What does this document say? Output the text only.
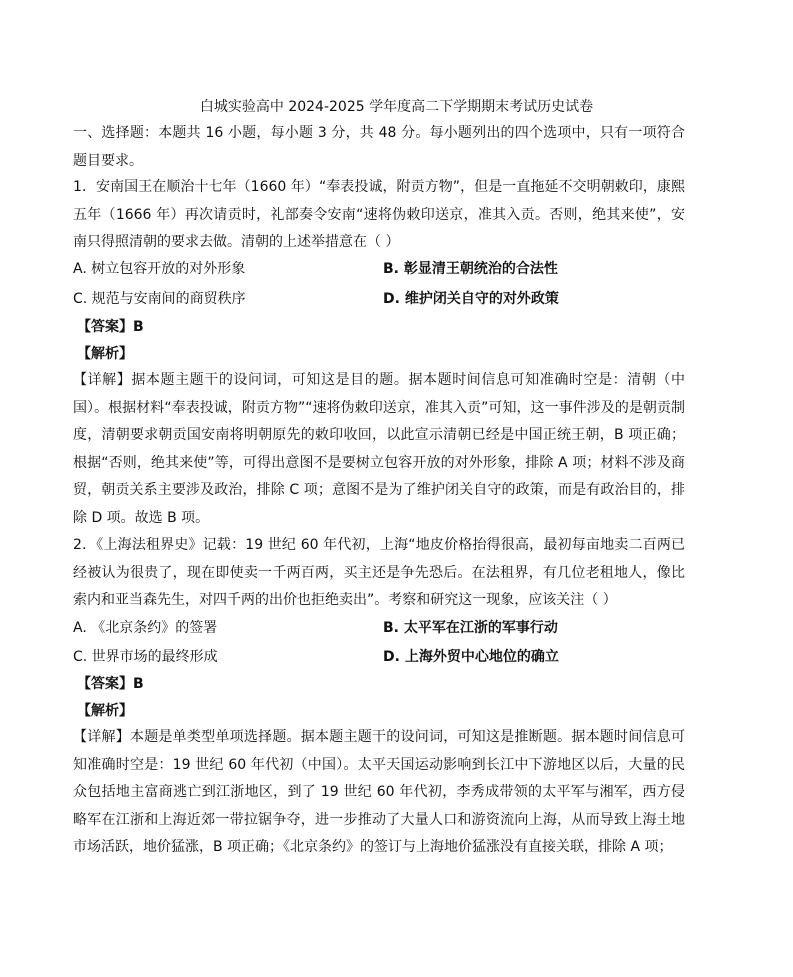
白城实验高中 2024-2025 学年度高二下学期期末考试历史试卷

一、选择题：本题共 16 小题，每小题 3 分，共 48 分。每小题列出的四个选项中，只有一项符合题目要求。

1．安南国王在顺治十七年（1660 年）“奉表投诚，附贡方物”，但是一直拖延不交明朝敕印，康熙五年（1666 年）再次请贡时，礼部奏令安南“速将伪敕印送京，准其入贡。否则，绝其来使”，安南只得照清朝的要求去做。清朝的上述举措意在（ ）

A. 树立包容开放的对外形象	B. 彰显清王朝统治的合法性
C. 规范与安南间的商贸秩序	D. 维护闭关自守的对外政策
【答案】B
【解析】

【详解】据本题主题干的设问词，可知这是目的题。据本题时间信息可知准确时空是：清朝（中国）。根据材料“奉表投诚，附贡方物”“速将伪敕印送京，准其入贡”可知，这一事件涉及的是朝贡制度，清朝要求朝贡国安南将明朝原先的敕印收回，以此宣示清朝已经是中国正统王朝，B 项正确；根据“否则，绝其来使”等，可得出意图不是要树立包容开放的对外形象，排除 A 项；材料不涉及商贸，朝贡关系主要涉及政治，排除 C 项；意图不是为了维护闭关自守的政策，而是有政治目的，排除 D 项。故选 B 项。

2．《上海法租界史》记载：19 世纪 60 年代初，上海“地皮价格抬得很高，最初每亩地卖二百两已经被认为很贵了，现在即使卖一千两百两，买主还是争先恐后。在法租界，有几位老租地人，像比索内和亚当森先生，对四千两的出价也拒绝卖出”。考察和研究这一现象，应该关注（ ）

A. 《北京条约》的签署	B. 太平军在江浙的军事行动
C. 世界市场的最终形成	D. 上海外贸中心地位的确立
【答案】B
【解析】

【详解】本题是单类型单项选择题。据本题主题干的设问词，可知这是推断题。据本题时间信息可知准确时空是：19 世纪 60 年代初（中国）。太平天国运动影响到长江中下游地区以后，大量的民众包括地主富商逃亡到江浙地区，到了 19 世纪 60 年代初，李秀成带领的太平军与湘军，西方侵略军在江浙和上海近郊一带拉锯争夺，进一步推动了大量人口和游资流向上海，从而导致上海土地市场活跃，地价猛涨，B 项正确；《北京条约》的签订与上海地价猛涨没有直接关联，排除 A 项；
